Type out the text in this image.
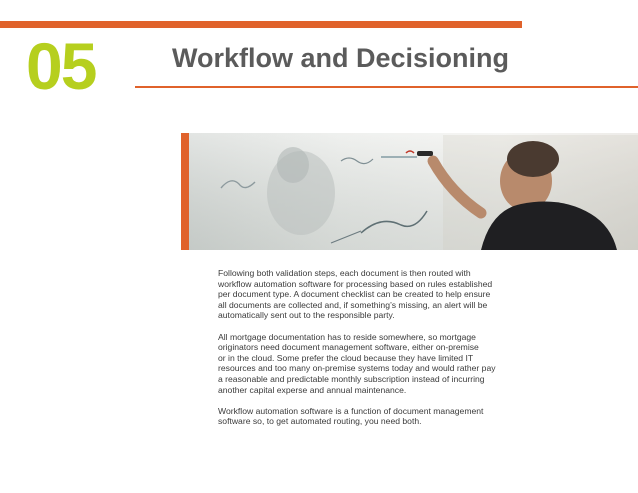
05	Workflow and Decisioning

Following both validation steps, each document is then routed with
workflow automation software for processing based on rules established
per document type. A document checklist can be created to help ensure
all documents are collected and, if something’s missing, an alert will be
automatically sent out to the responsible party.

All mortgage documentation has to reside somewhere, so mortgage
originators need document management software, either on-premise
or in the cloud. Some prefer the cloud because they have limited IT
resources and too many on-premise systems today and would rather pay
a reasonable and predictable monthly subscription instead of incurring
another capital experse and annual maintenance.

Workflow automation software is a function of document management
software so, to get automated routing, you need both.
